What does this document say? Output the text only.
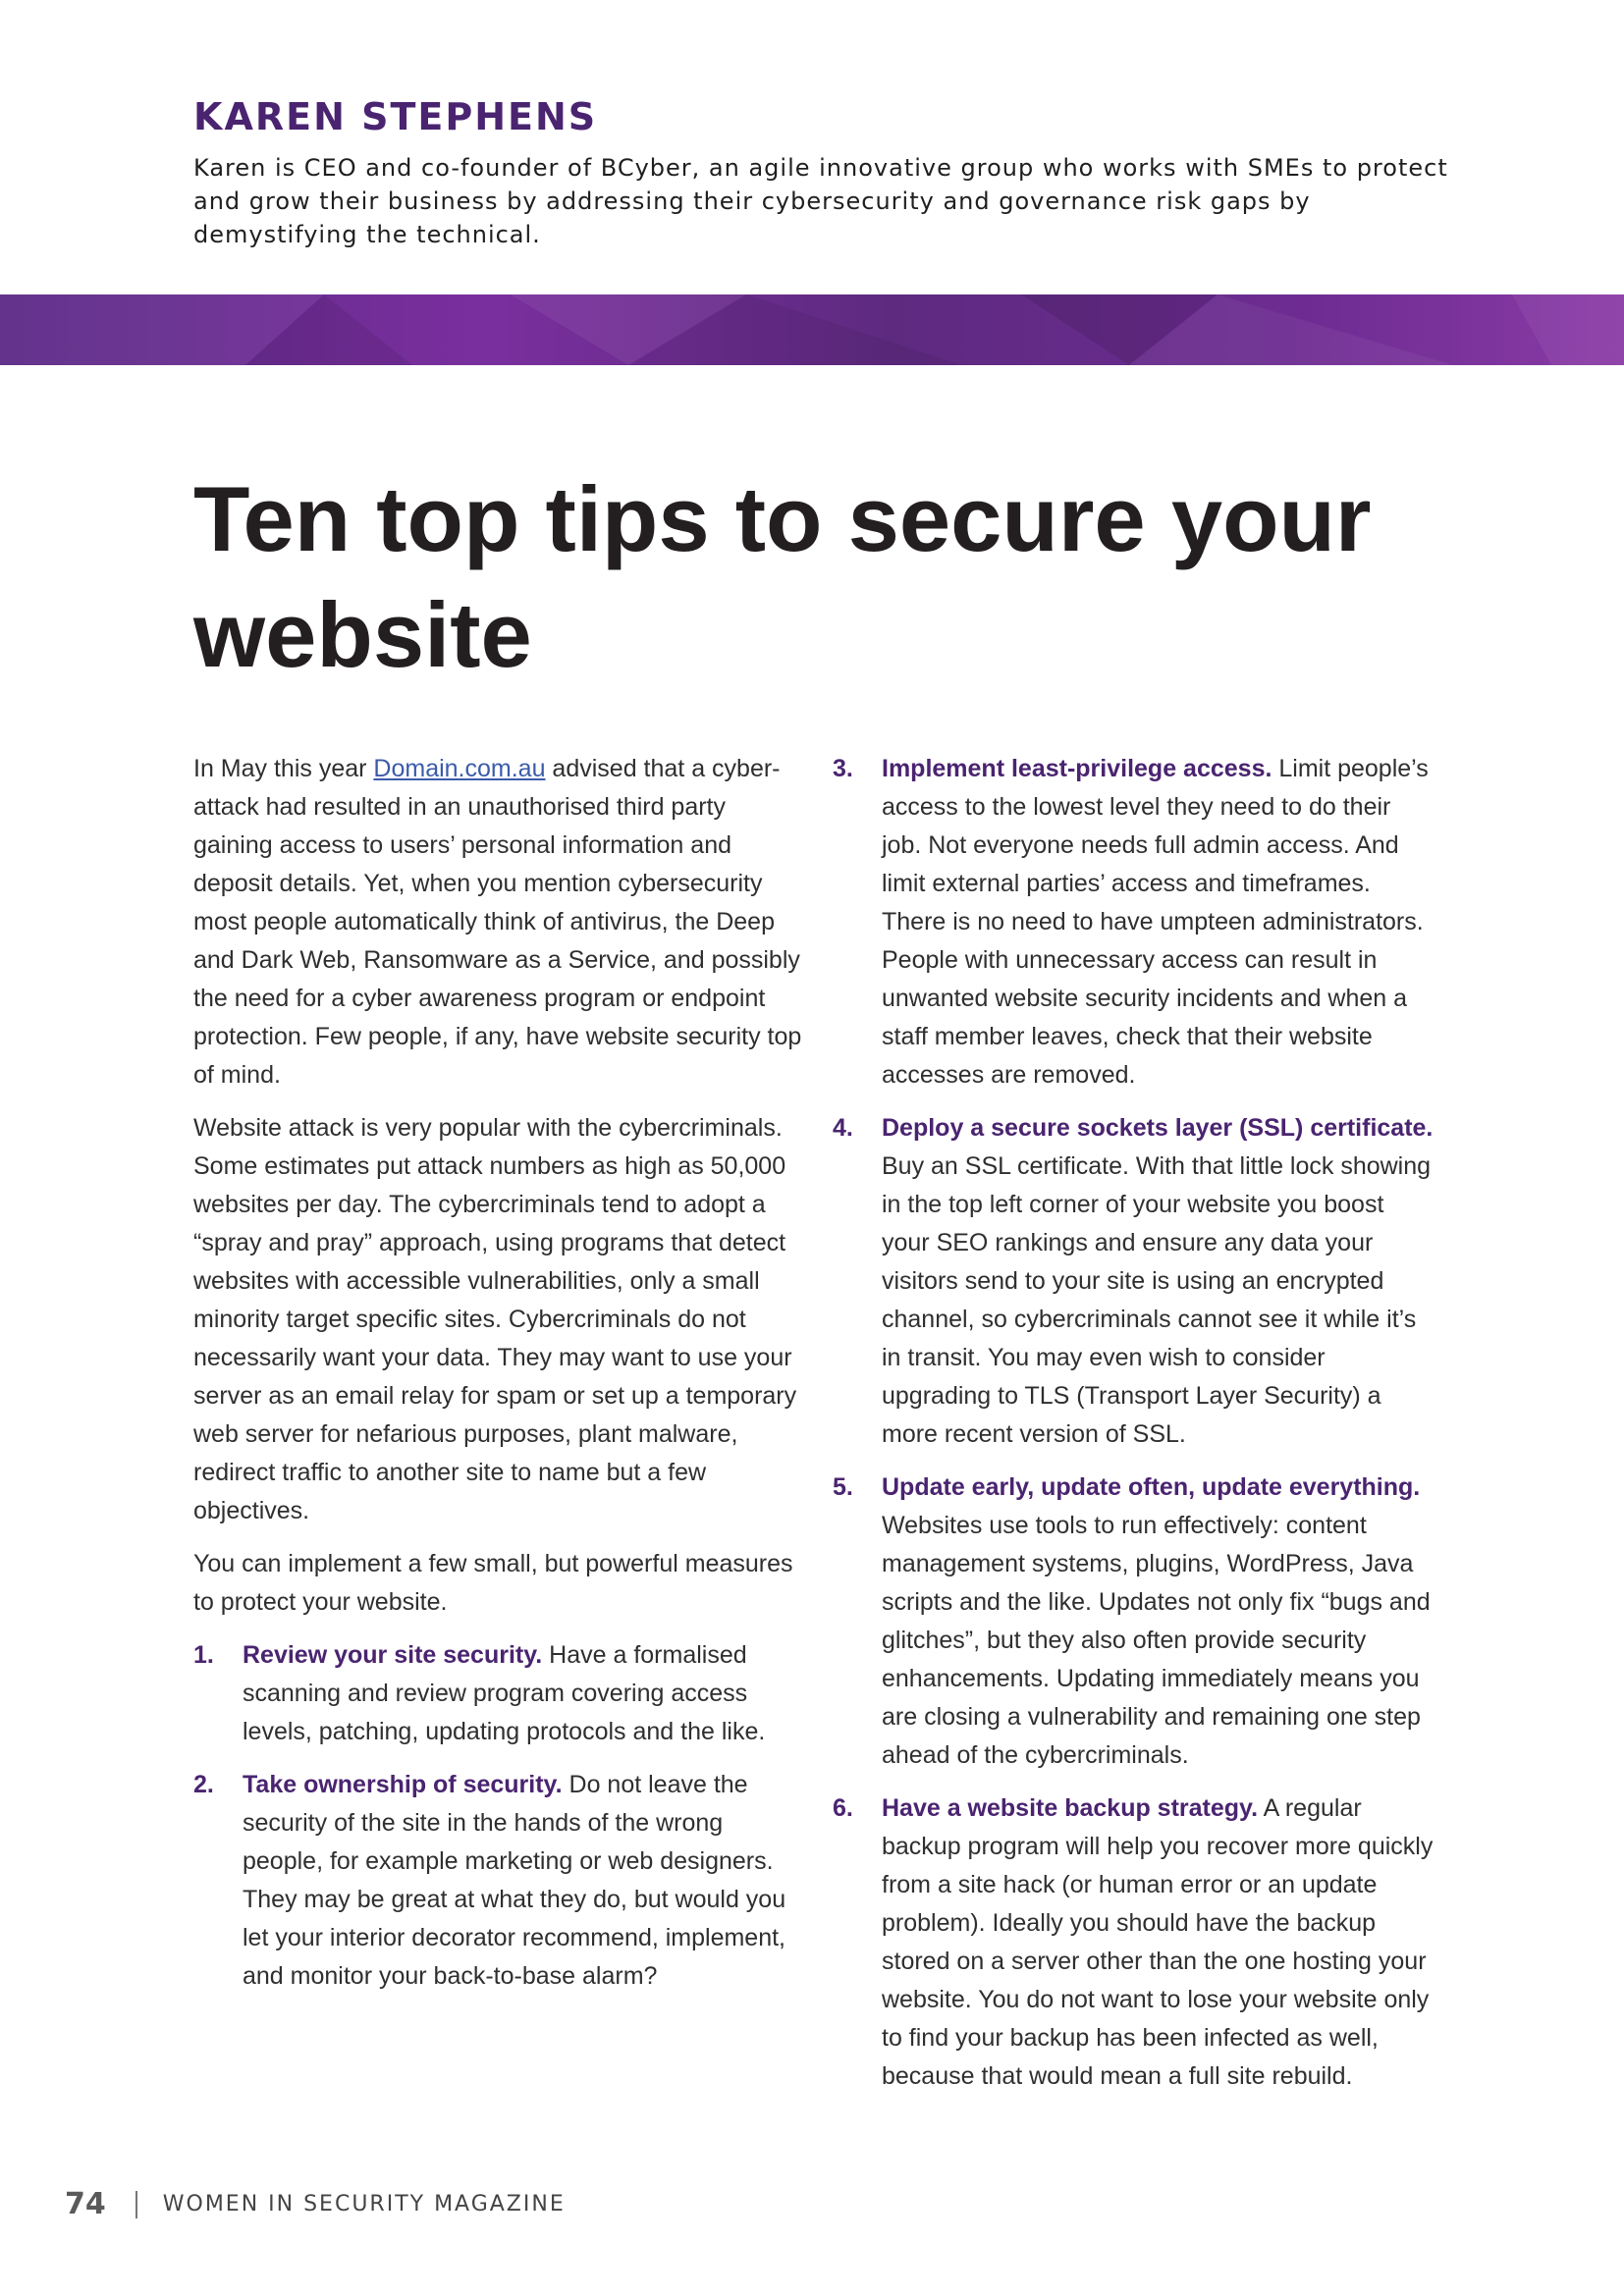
KAREN STEPHENS

Karen is CEO and co-founder of BCyber, an agile innovative group who works with SMEs to protect and grow their business by addressing their cybersecurity and governance risk gaps by demystifying the technical.

Ten top tips to secure your website

In May this year Domain.com.au advised that a cyber-attack had resulted in an unauthorised third party gaining access to users’ personal information and deposit details. Yet, when you mention cybersecurity most people automatically think of antivirus, the Deep and Dark Web, Ransomware as a Service, and possibly the need for a cyber awareness program or endpoint protection. Few people, if any, have website security top of mind.

Website attack is very popular with the cybercriminals. Some estimates put attack numbers as high as 50,000 websites per day. The cybercriminals tend to adopt a “spray and pray” approach, using programs that detect websites with accessible vulnerabilities, only a small minority target specific sites. Cybercriminals do not necessarily want your data. They may want to use your server as an email relay for spam or set up a temporary web server for nefarious purposes, plant malware, redirect traffic to another site to name but a few objectives.

You can implement a few small, but powerful measures to protect your website.

1. Review your site security. Have a formalised scanning and review program covering access levels, patching, updating protocols and the like.
2. Take ownership of security. Do not leave the security of the site in the hands of the wrong people, for example marketing or web designers. They may be great at what they do, but would you let your interior decorator recommend, implement, and monitor your back-to-base alarm?
3. Implement least-privilege access. Limit people’s access to the lowest level they need to do their job. Not everyone needs full admin access. And limit external parties’ access and timeframes. There is no need to have umpteen administrators. People with unnecessary access can result in unwanted website security incidents and when a staff member leaves, check that their website accesses are removed.
4. Deploy a secure sockets layer (SSL) certificate. Buy an SSL certificate. With that little lock showing in the top left corner of your website you boost your SEO rankings and ensure any data your visitors send to your site is using an encrypted channel, so cybercriminals cannot see it while it’s in transit. You may even wish to consider upgrading to TLS (Transport Layer Security) a more recent version of SSL.
5. Update early, update often, update everything. Websites use tools to run effectively: content management systems, plugins, WordPress, Java scripts and the like. Updates not only fix “bugs and glitches”, but they also often provide security enhancements. Updating immediately means you are closing a vulnerability and remaining one step ahead of the cybercriminals.
6. Have a website backup strategy. A regular backup program will help you recover more quickly from a site hack (or human error or an update problem). Ideally you should have the backup stored on a server other than the one hosting your website. You do not want to lose your website only to find your backup has been infected as well, because that would mean a full site rebuild.
74	WOMEN IN SECURITY MAGAZINE
